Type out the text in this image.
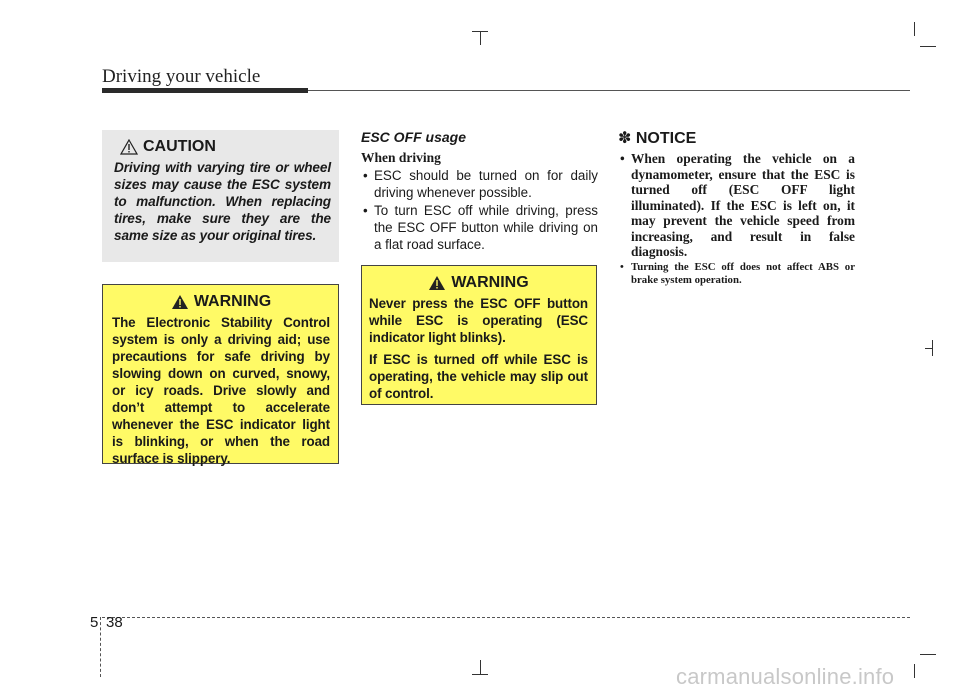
Driving your vehicle
CAUTION
Driving with varying tire or wheel sizes may cause the ESC system to malfunction. When replacing tires, make sure they are the same size as your original tires.
WARNING

The Electronic Stability Control system is only a driving aid; use precautions for safe driving by slowing down on curved, snowy, or icy roads. Drive slowly and don’t attempt to accelerate whenever the ESC indicator light is blinking, or when the road surface is slippery.

ESC OFF usage
When driving
• ESC should be turned on for daily driving whenever possible.
• To turn ESC off while driving, press the ESC OFF button while driving on a flat road surface.
WARNING

Never press the ESC OFF button while ESC is operating (ESC indicator light blinks).

If ESC is turned off while ESC is operating, the vehicle may slip out of control.

✽ NOTICE
• When operating the vehicle on a dynamometer, ensure that the ESC is turned off (ESC OFF light illuminated). If the ESC is left on, it may prevent the vehicle speed from increasing, and result in false diagnosis.
• Turning the ESC off does not affect ABS or brake system operation.
5 38
carmanualsonline.info
